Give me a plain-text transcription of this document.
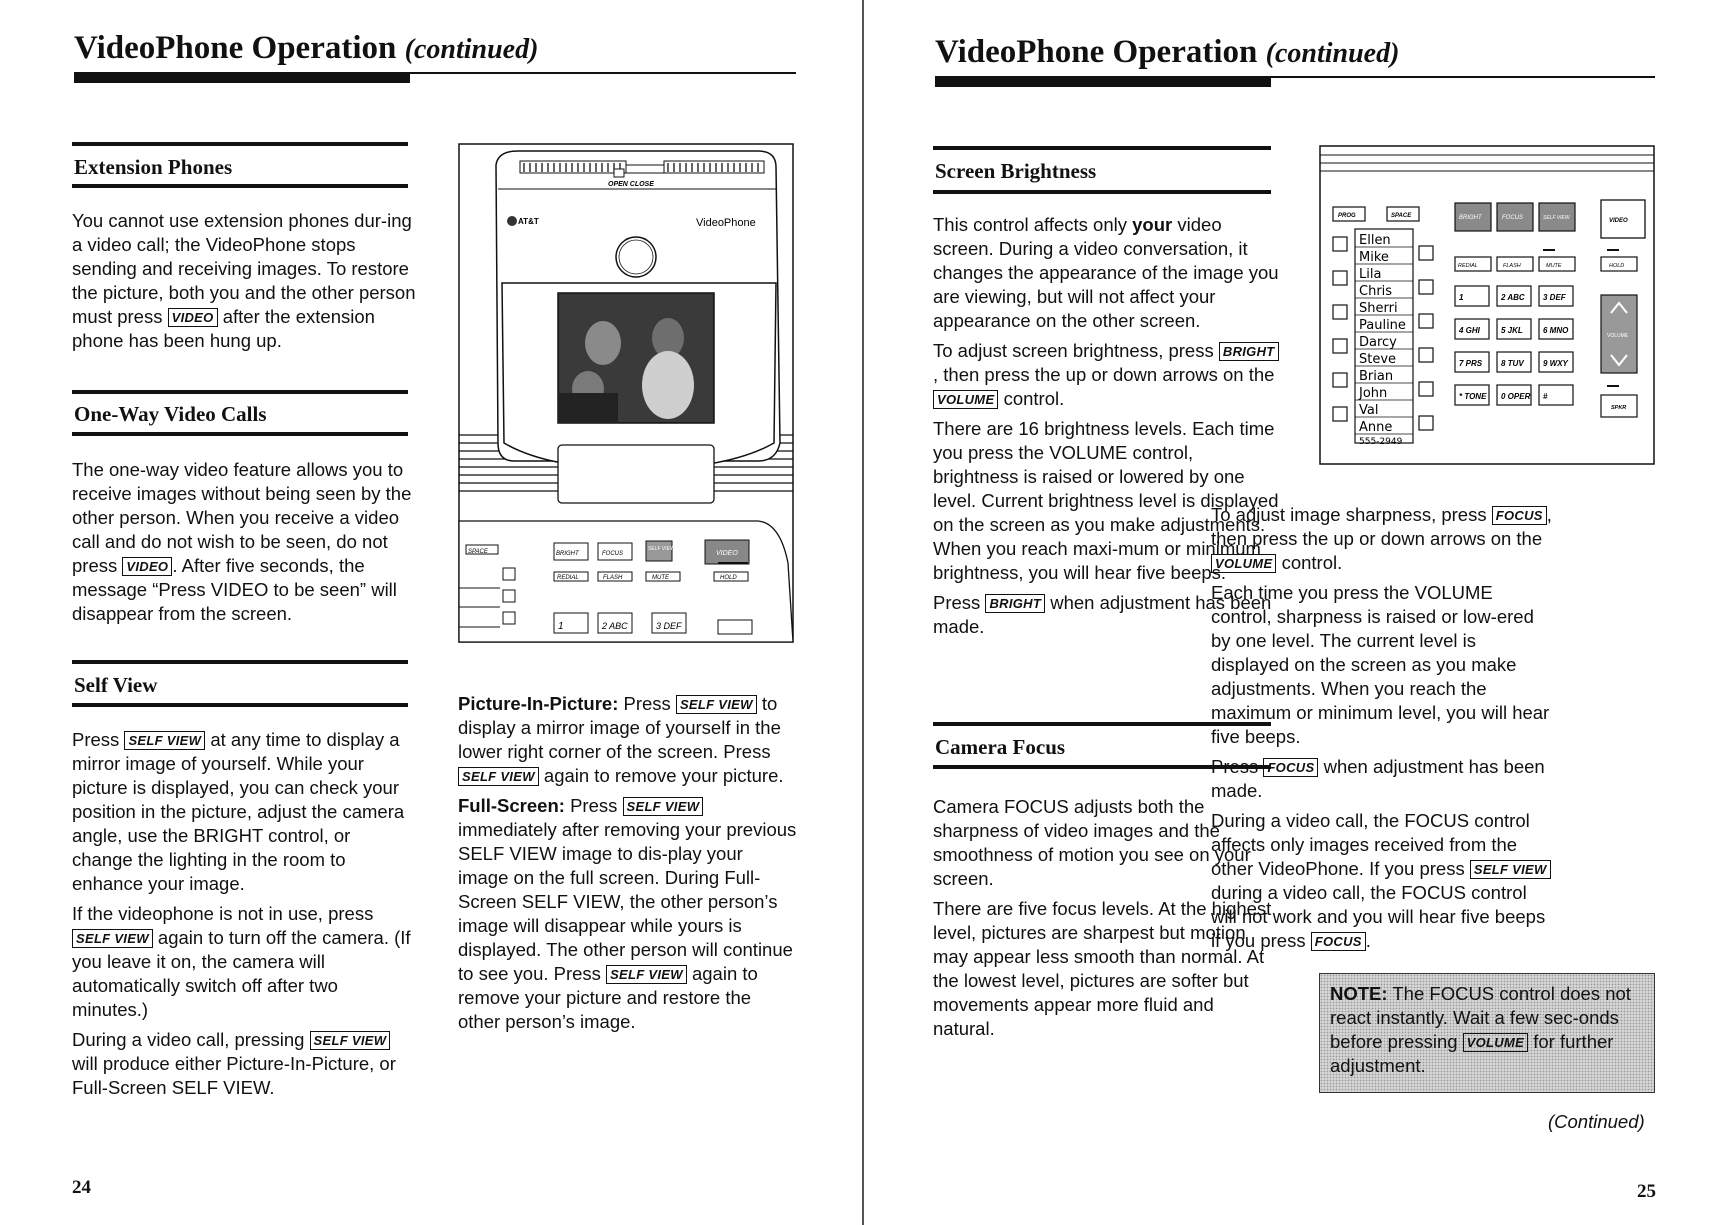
VideoPhone Operation (continued)
Extension Phones

You cannot use extension phones dur-ing a video call; the VideoPhone stops sending and receiving images. To restore the picture, both you and the other person must press VIDEO after the extension phone has been hung up.

One-Way Video Calls

The one-way video feature allows you to receive images without being seen by the other person. When you receive a video call and do not wish to be seen, do not press VIDEO . After five seconds, the message “Press VIDEO to be seen” will disappear from the screen.

Self View

Press SELF VIEW at any time to display a mirror image of yourself. While your picture is displayed, you can check your position in the picture, adjust the camera angle, use the BRIGHT control, or change the lighting in the room to enhance your image.

If the videophone is not in use, press SELF VIEW again to turn off the camera. (If you leave it on, the camera will automatically switch off after two minutes.)

During a video call, pressing SELF VIEW will produce either Picture-In-Picture, or Full-Screen SELF VIEW.

OPEN CLOSE
AT&T	VideoPhone
SPACE	BRIGHT	FOCUS
SELF VIEW
VIDEO
REDIAL	FLASH	MUTE	HOLD
1	2 ABC	3 DEF

Picture-In-Picture: Press SELF VIEW to display a mirror image of yourself in the lower right corner of the screen. Press SELF VIEW again to remove your picture.

Full-Screen: Press SELF VIEW immediately after removing your previous SELF VIEW image to dis-play your image on the full screen. During Full-Screen SELF VIEW, the other person’s image will disappear while yours is displayed. The other person will continue to see you. Press SELF VIEW again to remove your picture and restore the other person’s image.

24
VideoPhone Operation (continued)
Screen Brightness

This control affects only your video screen. During a video conversation, it changes the appearance of the image you are viewing, but will not affect your appearance on the other screen.

To adjust screen brightness, press BRIGHT, then press the up or down arrows on the VOLUME control.

There are 16 brightness levels. Each time you press the VOLUME control, brightness is raised or lowered by one level. Current brightness level is displayed on the screen as you make adjustments. When you reach maxi-mum or minimum brightness, you will hear five beeps.

Press BRIGHT when adjustment has been made.

Camera Focus

Camera FOCUS adjusts both the sharpness of video images and the smoothness of motion you see on your screen.

There are five focus levels. At the highest level, pictures are sharpest but motion may appear less smooth than normal. At the lowest level, pictures are softer but movements appear more fluid and natural.

PROG	SPACE
Ellen
Mike
Lila
Chris
Sherri
Pauline
Darcy
Steve
Brian
John
Val
Anne
555-2949
BRIGHT	FOCUS	SELF VIEW	VIDEO
REDIAL	FLASH	MUTE	HOLD
1	2 ABC 3 DEF
4 GHI	5 JKL	6 MNO
7 PRS 8 TUV 9 WXY
* TONE 0 OPER #
VOLUME
SPKR

To adjust image sharpness, press FOCUS , then press the up or down arrows on the VOLUME control.

Each time you press the VOLUME control, sharpness is raised or low-ered by one level. The current level is displayed on the screen as you make adjustments. When you reach the maximum or minimum level, you will hear five beeps.

Press FOCUS when adjustment has been made.

During a video call, the FOCUS control affects only images received from the other VideoPhone. If you press SELF VIEW during a video call, the FOCUS control will not work and you will hear five beeps if you press FOCUS .

NOTE: The FOCUS control does not react instantly. Wait a few sec-onds before pressing VOLUME for further adjustment.
(Continued)
25
